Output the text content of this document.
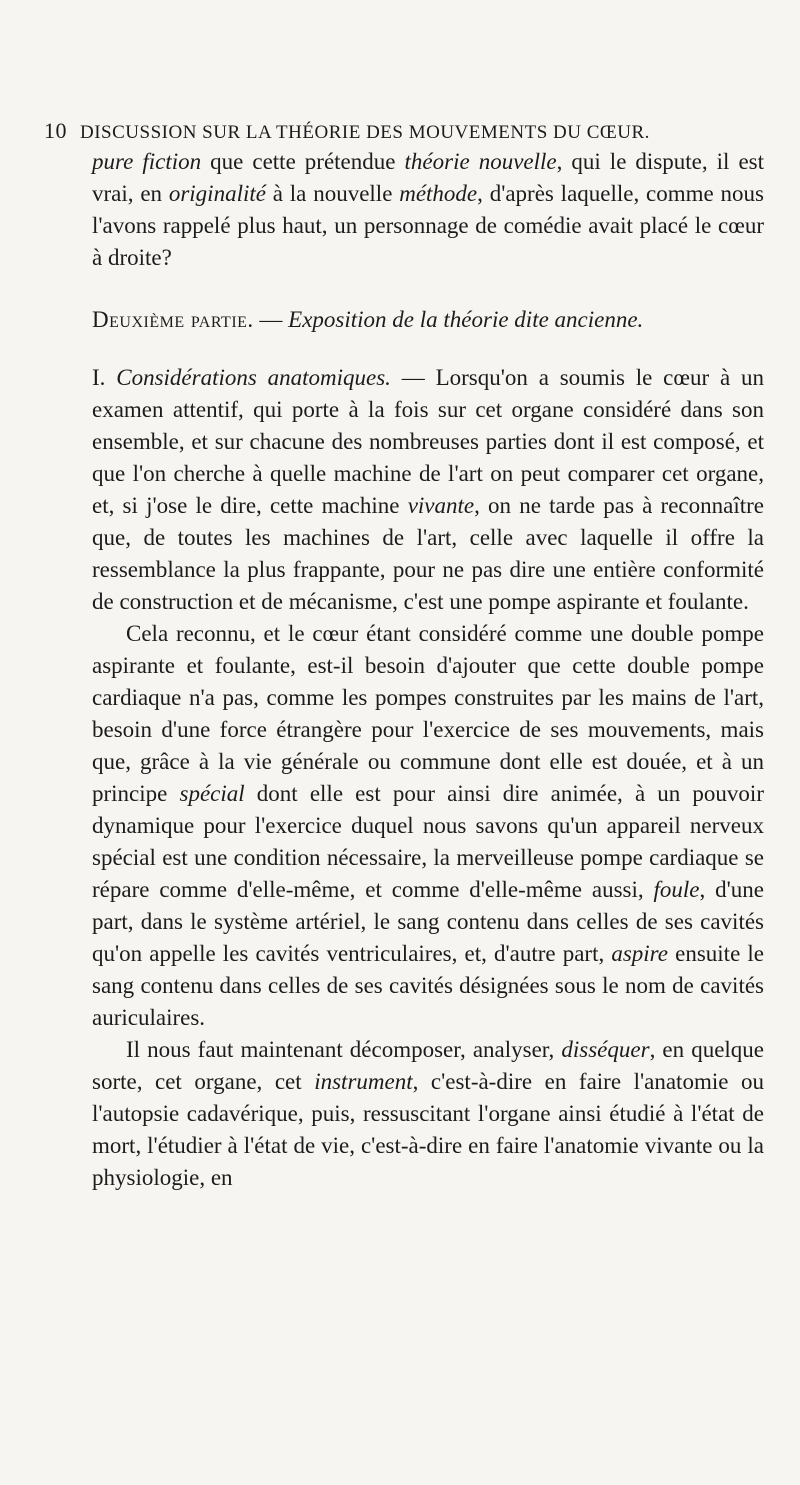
10 DISCUSSION SUR LA THÉORIE DES MOUVEMENTS DU CŒUR.

pure fiction que cette prétendue théorie nouvelle, qui le dispute, il est vrai, en originalité à la nouvelle méthode, d'après laquelle, comme nous l'avons rappelé plus haut, un personnage de comédie avait placé le cœur à droite?

Deuxième partie. — Exposition de la théorie dite ancienne.

I. Considérations anatomiques. — Lorsqu'on a soumis le cœur à un examen attentif, qui porte à la fois sur cet organe considéré dans son ensemble, et sur chacune des nombreuses parties dont il est composé, et que l'on cherche à quelle machine de l'art on peut comparer cet organe, et, si j'ose le dire, cette machine vivante, on ne tarde pas à reconnaître que, de toutes les machines de l'art, celle avec laquelle il offre la ressemblance la plus frappante, pour ne pas dire une entière conformité de construction et de mécanisme, c'est une pompe aspirante et foulante.

Cela reconnu, et le cœur étant considéré comme une double pompe aspirante et foulante, est-il besoin d'ajouter que cette double pompe cardiaque n'a pas, comme les pompes construites par les mains de l'art, besoin d'une force étrangère pour l'exercice de ses mouvements, mais que, grâce à la vie générale ou commune dont elle est douée, et à un principe spécial dont elle est pour ainsi dire animée, à un pouvoir dynamique pour l'exercice duquel nous savons qu'un appareil nerveux spécial est une condition nécessaire, la merveilleuse pompe cardiaque se répare comme d'elle-même, et comme d'elle-même aussi, foule, d'une part, dans le système artériel, le sang contenu dans celles de ses cavités qu'on appelle les cavités ventriculaires, et, d'autre part, aspire ensuite le sang contenu dans celles de ses cavités désignées sous le nom de cavités auriculaires.

Il nous faut maintenant décomposer, analyser, disséquer, en quelque sorte, cet organe, cet instrument, c'est-à-dire en faire l'anatomie ou l'autopsie cadavérique, puis, ressuscitant l'organe ainsi étudié à l'état de mort, l'étudier à l'état de vie, c'est-à-dire en faire l'anatomie vivante ou la physiologie, en
